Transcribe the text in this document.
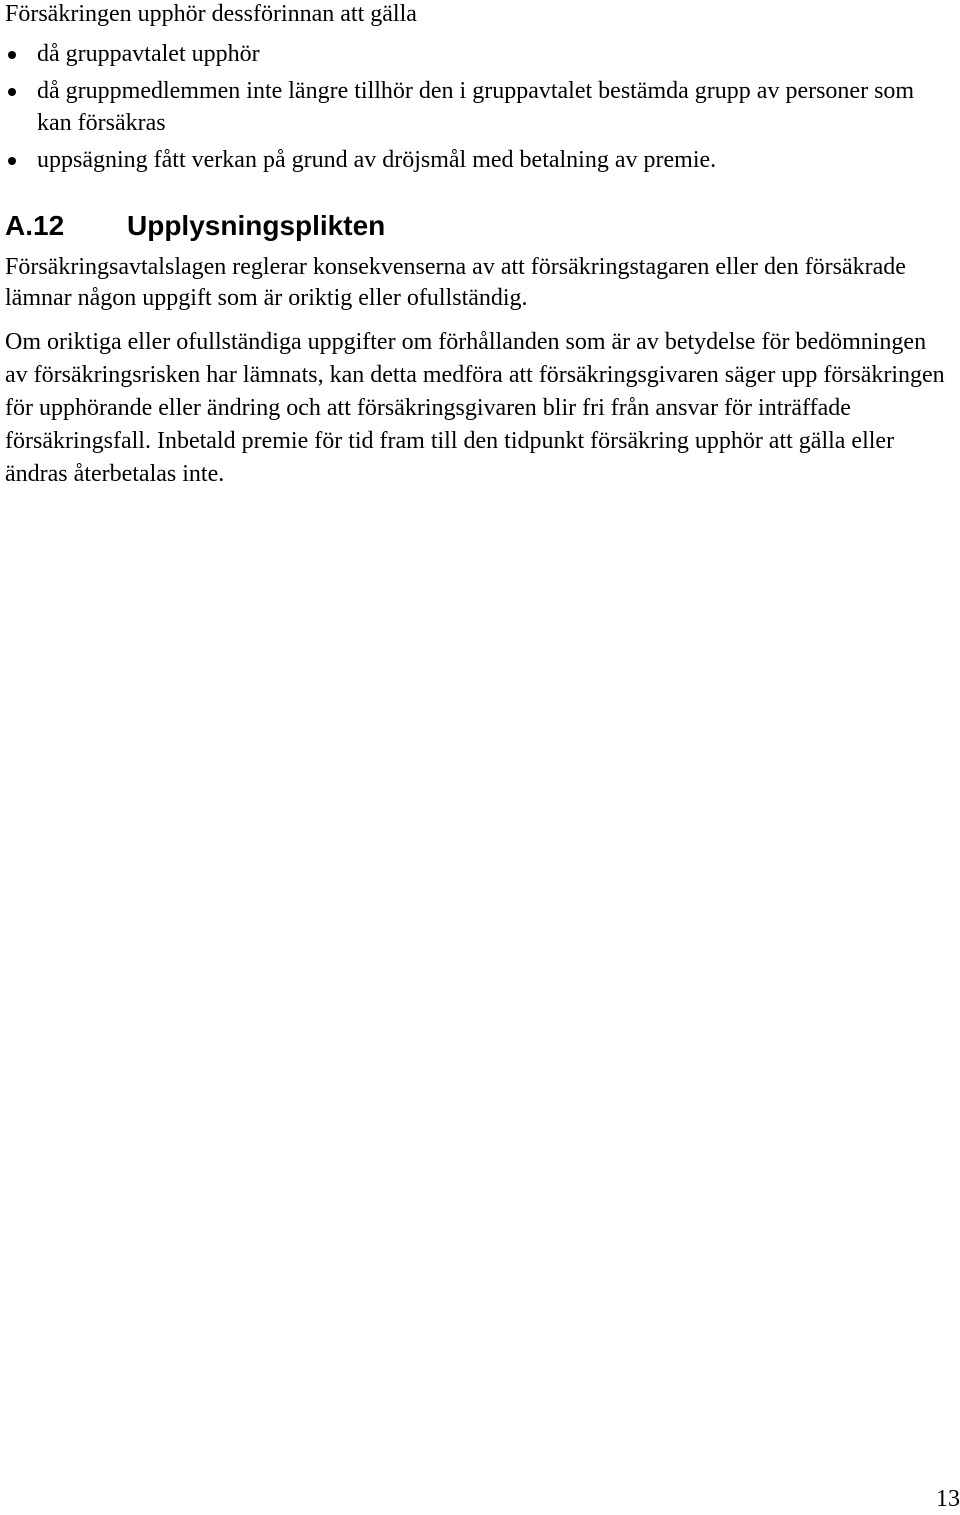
Försäkringen upphör dessförinnan att gälla
då gruppavtalet upphör
då gruppmedlemmen inte längre tillhör den i gruppavtalet bestämda grupp av personer som kan försäkras
uppsägning fått verkan på grund av dröjsmål med betalning av premie.
A.12 Upplysningsplikten

Försäkringsavtalslagen reglerar konsekvenserna av att försäkringstagaren eller den försäkrade lämnar någon uppgift som är oriktig eller ofullständig.

Om oriktiga eller ofullständiga uppgifter om förhållanden som är av betydelse för bedömningen av försäkringsrisken har lämnats, kan detta medföra att försäkringsgivaren säger upp försäkringen för upphörande eller ändring och att försäkringsgivaren blir fri från ansvar för inträffade försäkringsfall. Inbetald premie för tid fram till den tidpunkt försäkring upphör att gälla eller ändras återbetalas inte.

13
